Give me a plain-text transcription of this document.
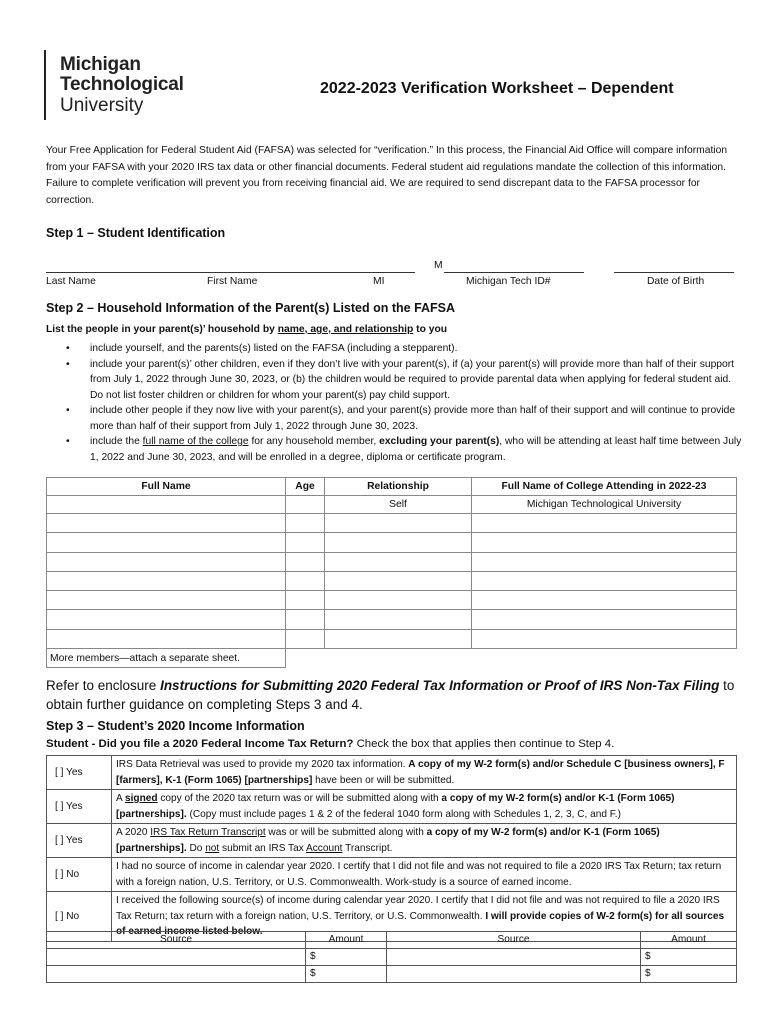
Michigan
Technological
University
2022-2023 Verification Worksheet – Dependent
Your Free Application for Federal Student Aid (FAFSA) was selected for “verification.” In this process, the Financial Aid Office will compare information from your FAFSA with your 2020 IRS tax data or other financial documents. Federal student aid regulations mandate the collection of this information. Failure to complete verification will prevent you from receiving financial aid. We are required to send discrepant data to the FAFSA processor for correction.
Step 1 – Student Identification
M
Last Name	First Name	MI	Michigan Tech ID#	Date of Birth
Step 2 – Household Information of the Parent(s) Listed on the FAFSA
List the people in your parent(s)’ household by name, age, and relationship to you
• include yourself, and the parents(s) listed on the FAFSA (including a stepparent).
• include your parent(s)’ other children, even if they don’t live with your parent(s), if (a) your parent(s) will provide more than half of their support from July 1, 2022 through June 30, 2023, or (b) the children would be required to provide parental data when applying for federal student aid. Do not list foster children or children for whom your parent(s) pay child support.
• include other people if they now live with your parent(s), and your parent(s) provide more than half of their support and will continue to provide more than half of their support from July 1, 2022 through June 30, 2023.
• include the full name of the college for any household member, excluding your parent(s), who will be attending at least half time between July 1, 2022 and June 30, 2023, and will be enrolled in a degree, diploma or certificate program.
Full Name	Age	Relationship	Full Name of College Attending in 2022-23
		Self	Michigan Technological University

More members—attach a separate sheet.			
Refer to enclosure Instructions for Submitting 2020 Federal Tax Information or Proof of IRS Non-Tax Filing to obtain further guidance on completing Steps 3 and 4.
Step 3 – Student’s 2020 Income Information
Student - Did you file a 2020 Federal Income Tax Return? Check the box that applies then continue to Step 4.
[ ] Yes	IRS Data Retrieval was used to provide my 2020 tax information. A copy of my W-2 form(s) and/or Schedule C [business owners], F [farmers], K-1 (Form 1065) [partnerships] have been or will be submitted.
[ ] Yes	A signed copy of the 2020 tax return was or will be submitted along with a copy of my W-2 form(s) and/or K-1 (Form 1065) [partnerships]. (Copy must include pages 1 & 2 of the federal 1040 form along with Schedules 1, 2, 3, C, and F.)
[ ] Yes	A 2020 IRS Tax Return Transcript was or will be submitted along with a copy of my W-2 form(s) and/or K-1 (Form 1065) [partnerships]. Do not submit an IRS Tax Account Transcript.
[ ] No	I had no source of income in calendar year 2020. I certify that I did not file and was not required to file a 2020 IRS Tax Return; tax return with a foreign nation, U.S. Territory, or U.S. Commonwealth. Work-study is a source of earned income.
[ ] No	I received the following source(s) of income during calendar year 2020. I certify that I did not file and was not required to file a 2020 IRS Tax Return; tax return with a foreign nation, U.S. Territory, or U.S. Commonwealth. I will provide copies of W-2 form(s) for all sources of earned income listed below.
Source	Amount	Source	Amount
	$		$
	$		$
